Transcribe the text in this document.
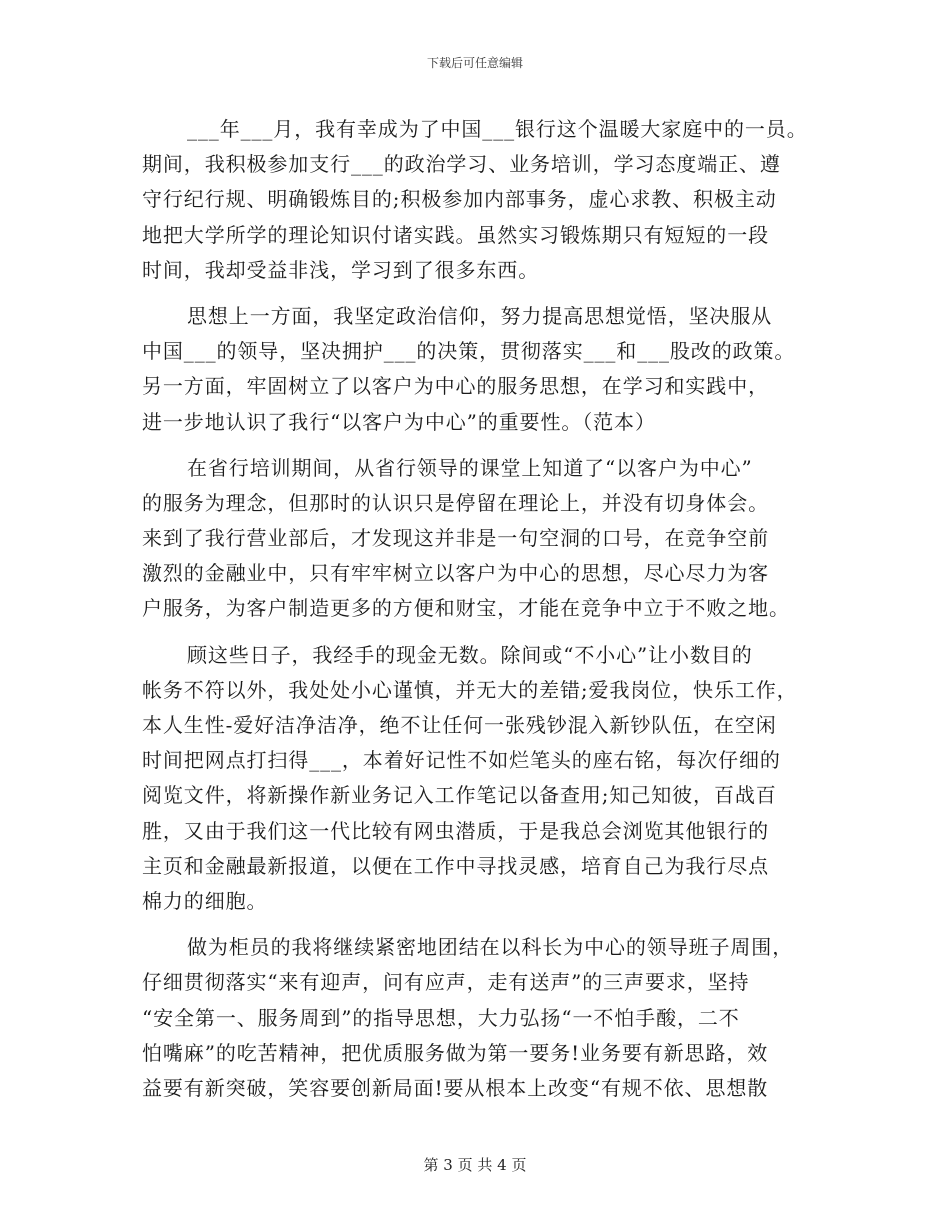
下载后可任意编辑
___年___月，我有幸成为了中国___银行这个温暖大家庭中的一员。
期间，我积极参加支行___的政治学习、业务培训，学习态度端正、遵
守行纪行规、明确锻炼目的;积极参加内部事务，虚心求教、积极主动
地把大学所学的理论知识付诸实践。虽然实习锻炼期只有短短的一段
时间，我却受益非浅，学习到了很多东西。
思想上一方面，我坚定政治信仰，努力提高思想觉悟，坚决服从
中国___的领导，坚决拥护___的决策，贯彻落实___和___股改的政策。
另一方面，牢固树立了以客户为中心的服务思想，在学习和实践中，
进一步地认识了我行“以客户为中心”的重要性。（范本）
在省行培训期间，从省行领导的课堂上知道了“以客户为中心”
的服务为理念，但那时的认识只是停留在理论上，并没有切身体会。
来到了我行营业部后，才发现这并非是一句空洞的口号，在竞争空前
激烈的金融业中，只有牢牢树立以客户为中心的思想，尽心尽力为客
户服务，为客户制造更多的方便和财宝，才能在竞争中立于不败之地。
顾这些日子，我经手的现金无数。除间或“不小心”让小数目的
帐务不符以外，我处处小心谨慎，并无大的差错;爱我岗位，快乐工作，
本人生性-爱好洁净洁净，绝不让任何一张残钞混入新钞队伍，在空闲
时间把网点打扫得___，本着好记性不如烂笔头的座右铭，每次仔细的
阅览文件，将新操作新业务记入工作笔记以备查用;知己知彼，百战百
胜，又由于我们这一代比较有网虫潜质，于是我总会浏览其他银行的
主页和金融最新报道，以便在工作中寻找灵感，培育自己为我行尽点
棉力的细胞。
做为柜员的我将继续紧密地团结在以科长为中心的领导班子周围，
仔细贯彻落实“来有迎声，问有应声，走有送声”的三声要求，坚持
“安全第一、服务周到”的指导思想，大力弘扬“一不怕手酸，二不
怕嘴麻”的吃苦精神，把优质服务做为第一要务!业务要有新思路，效
益要有新突破，笑容要创新局面!要从根本上改变“有规不依、思想散
第 3 页 共 4 页
